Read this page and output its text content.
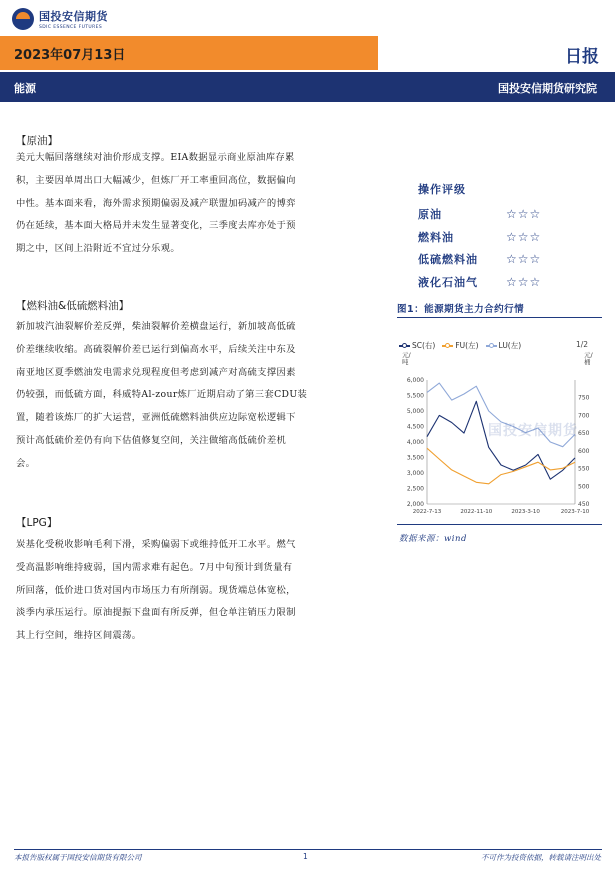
国投安信期货
SDIC ESSENCE FUTURES
2023年07月13日	日报
能源	国投安信期货研究院
【原油】
美元大幅回落继续对油价形成支撑。EIA数据显示商业原油库存累
积，主要因单周出口大幅减少，但炼厂开工率重回高位，数据偏向
中性。基本面来看，海外需求预期偏弱及减产联盟加码减产的博弈
仍在延续，基本面大格局并未发生显著变化，三季度去库亦处于预
期之中，区间上沿附近不宜过分乐观。
【燃料油&低硫燃料油】
新加坡汽油裂解价差反弹，柴油裂解价差横盘运行，新加坡高低硫
价差继续收缩。高硫裂解价差已运行到偏高水平，后续关注中东及
南亚地区夏季燃油发电需求兑现程度但考虑到减产对高硫支撑因素
仍较强，而低硫方面，科威特Al-zour炼厂近期启动了第三套CDU装
置，随着该炼厂的扩大运营，亚洲低硫燃料油供应边际宽松逻辑下
预计高低硫价差仍有向下估值修复空间，关注做缩高低硫价差机
会。
【LPG】
炭基化受税收影响毛利下滑，采购偏弱下或维持低开工水平。燃气
受高温影响维持疲弱，国内需求难有起色。7月中旬预计到货量有
所回落，低价进口货对国内市场压力有所削弱。现货端总体宽松，
淡季内承压运行。原油提振下盘面有所反弹，但仓单注销压力限制
其上行空间，维持区间震荡。
操作评级
原油	☆☆☆
燃料油	☆☆☆
低硫燃料油	☆☆☆
液化石油气	☆☆☆
图1：能源期货主力合约行情
SC(右)	FU(左)	LU(左)	1/2
元/吨
元/桶
6,000
5,500
5,000
4,500
4,000
3,500
3,000
2,500
2,000
750
700
650
600
550
500
450
2022-7-13	2022-11-10	2023-3-10	2023-7-10
国投安信期货
数据来源：wind
本报告版权属于国投安信期货有限公司	1	不可作为投资依据，转载请注明出处
